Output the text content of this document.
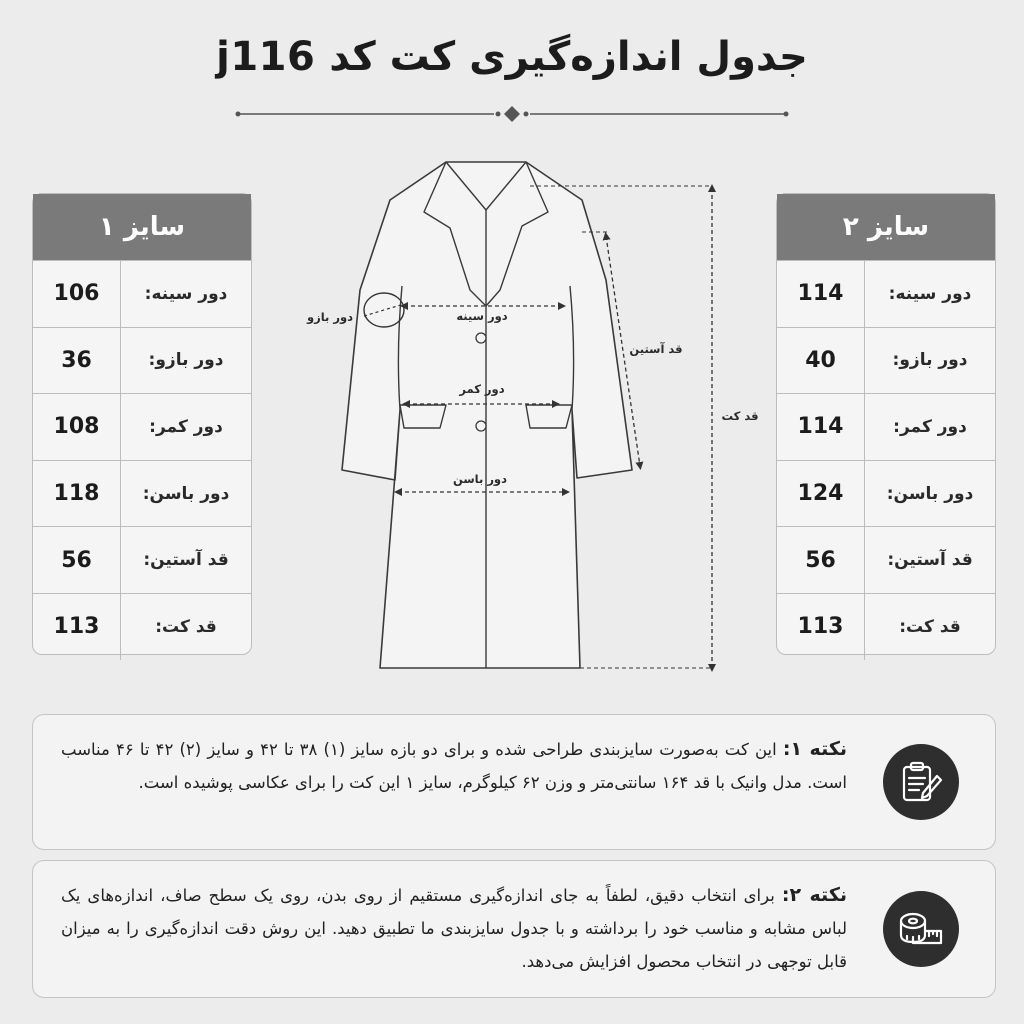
جدول اندازه‌گیری کت کد j116
سایز ۱
دور سینه:
106
دور بازو:
36
دور کمر:
108
دور باسن:
118
قد آستین:
56
قد کت:
113
سایز ۲
دور سینه:
114
دور بازو:
40
دور کمر:
114
دور باسن:
124
قد آستین:
56
قد کت:
113
دور بازو	دور سینه
دور کمر
دور باسن
قد آستین
قد کت
نکته ۱: این کت به‌صورت سایزبندی طراحی شده و برای دو بازه سایز (۱) ۳۸ تا ۴۲ و سایز (۲) ۴۲ تا ۴۶ مناسب است. مدل وانیک با قد ۱۶۴ سانتی‌متر و وزن ۶۲ کیلوگرم، سایز ۱ این کت را برای عکاسی پوشیده است.
نکته ۲: برای انتخاب دقیق، لطفاً به جای اندازه‌گیری مستقیم از روی بدن، روی یک سطح صاف، اندازه‌های یک لباس مشابه و مناسب خود را برداشته و با جدول سایزبندی ما تطبیق دهید. این روش دقت اندازه‌گیری را به میزان قابل توجهی در انتخاب محصول افزایش می‌دهد.
